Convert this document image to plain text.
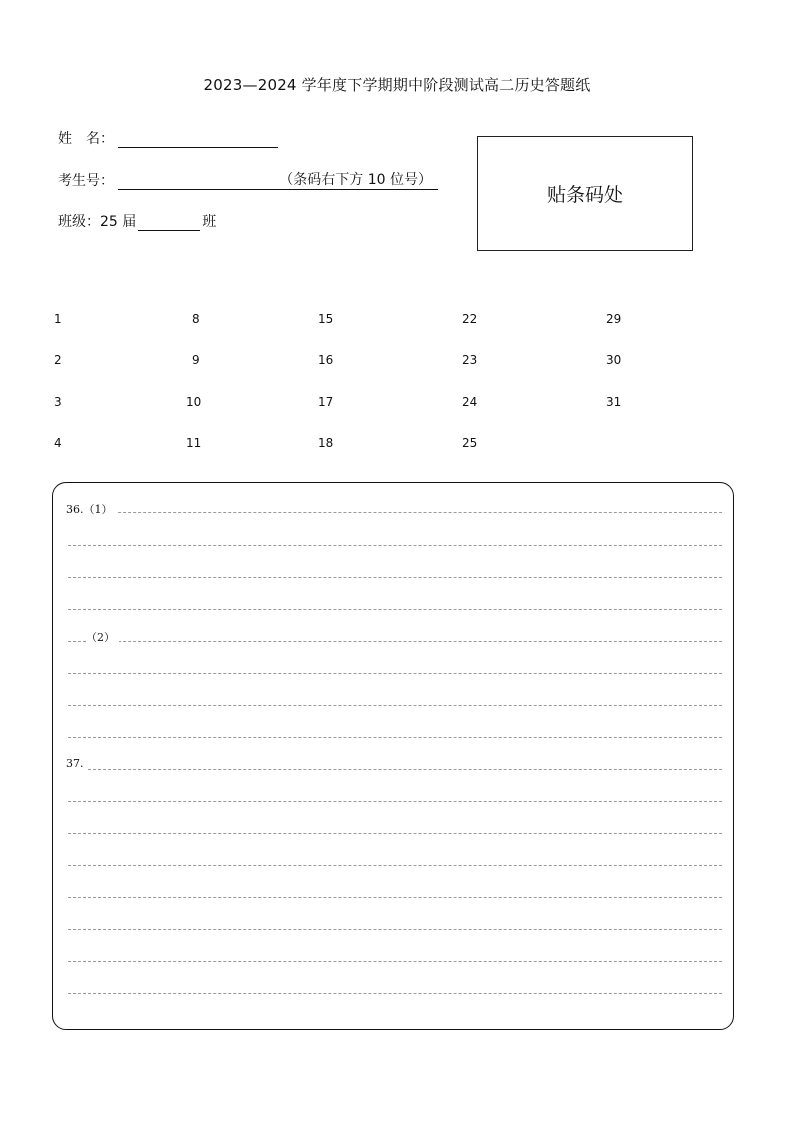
2023—2024 学年度下学期期中阶段测试高二历史答题纸
姓　名：
考生号：	（条码右下方 10 位号）
班级：25 届	班
贴条码处
1
2
3
4
8
9
10
11
15
16
17
18
22
23
24
25
29
30
31
36.（1）
（2）
37.
